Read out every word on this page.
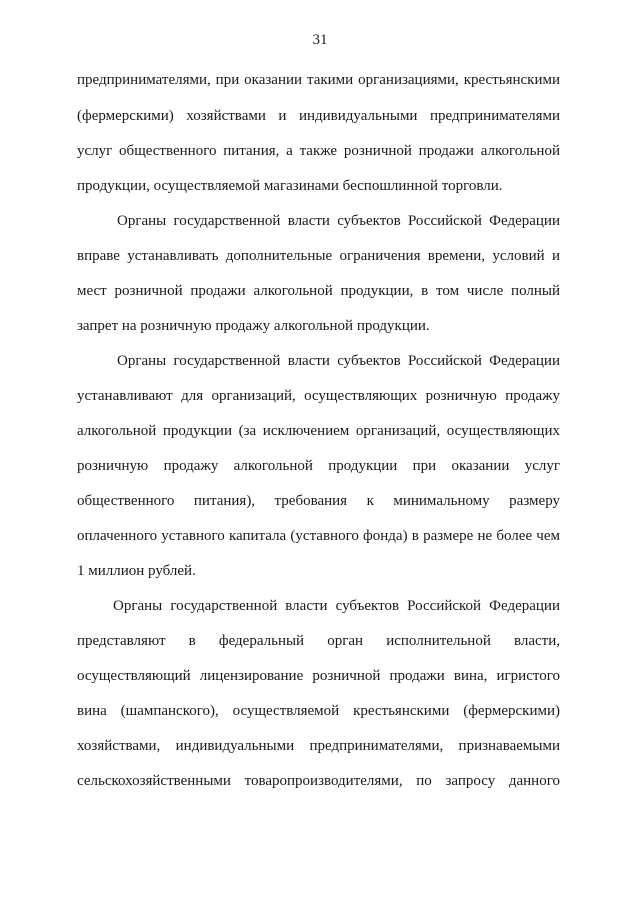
31
предпринимателями, при оказании такими организациями, крестьянскими
(фермерскими) хозяйствами и индивидуальными предпринимателями
услуг общественного питания, а также розничной продажи алкогольной
продукции, осуществляемой магазинами беспошлинной торговли.
Органы государственной власти субъектов Российской Федерации
вправе устанавливать дополнительные ограничения времени, условий и
мест розничной продажи алкогольной продукции, в том числе полный
запрет на розничную продажу алкогольной продукции.
Органы государственной власти субъектов Российской Федерации
устанавливают для организаций, осуществляющих розничную продажу
алкогольной продукции (за исключением организаций, осуществляющих
розничную продажу алкогольной продукции при оказании услуг
общественного питания), требования к минимальному размеру
оплаченного уставного капитала (уставного фонда) в размере не более чем
1 миллион рублей.
Органы государственной власти субъектов Российской Федерации
представляют в федеральный орган исполнительной власти,
осуществляющий лицензирование розничной продажи вина, игристого
вина (шампанского), осуществляемой крестьянскими (фермерскими)
хозяйствами, индивидуальными предпринимателями, признаваемыми
сельскохозяйственными товаропроизводителями, по запросу данного
